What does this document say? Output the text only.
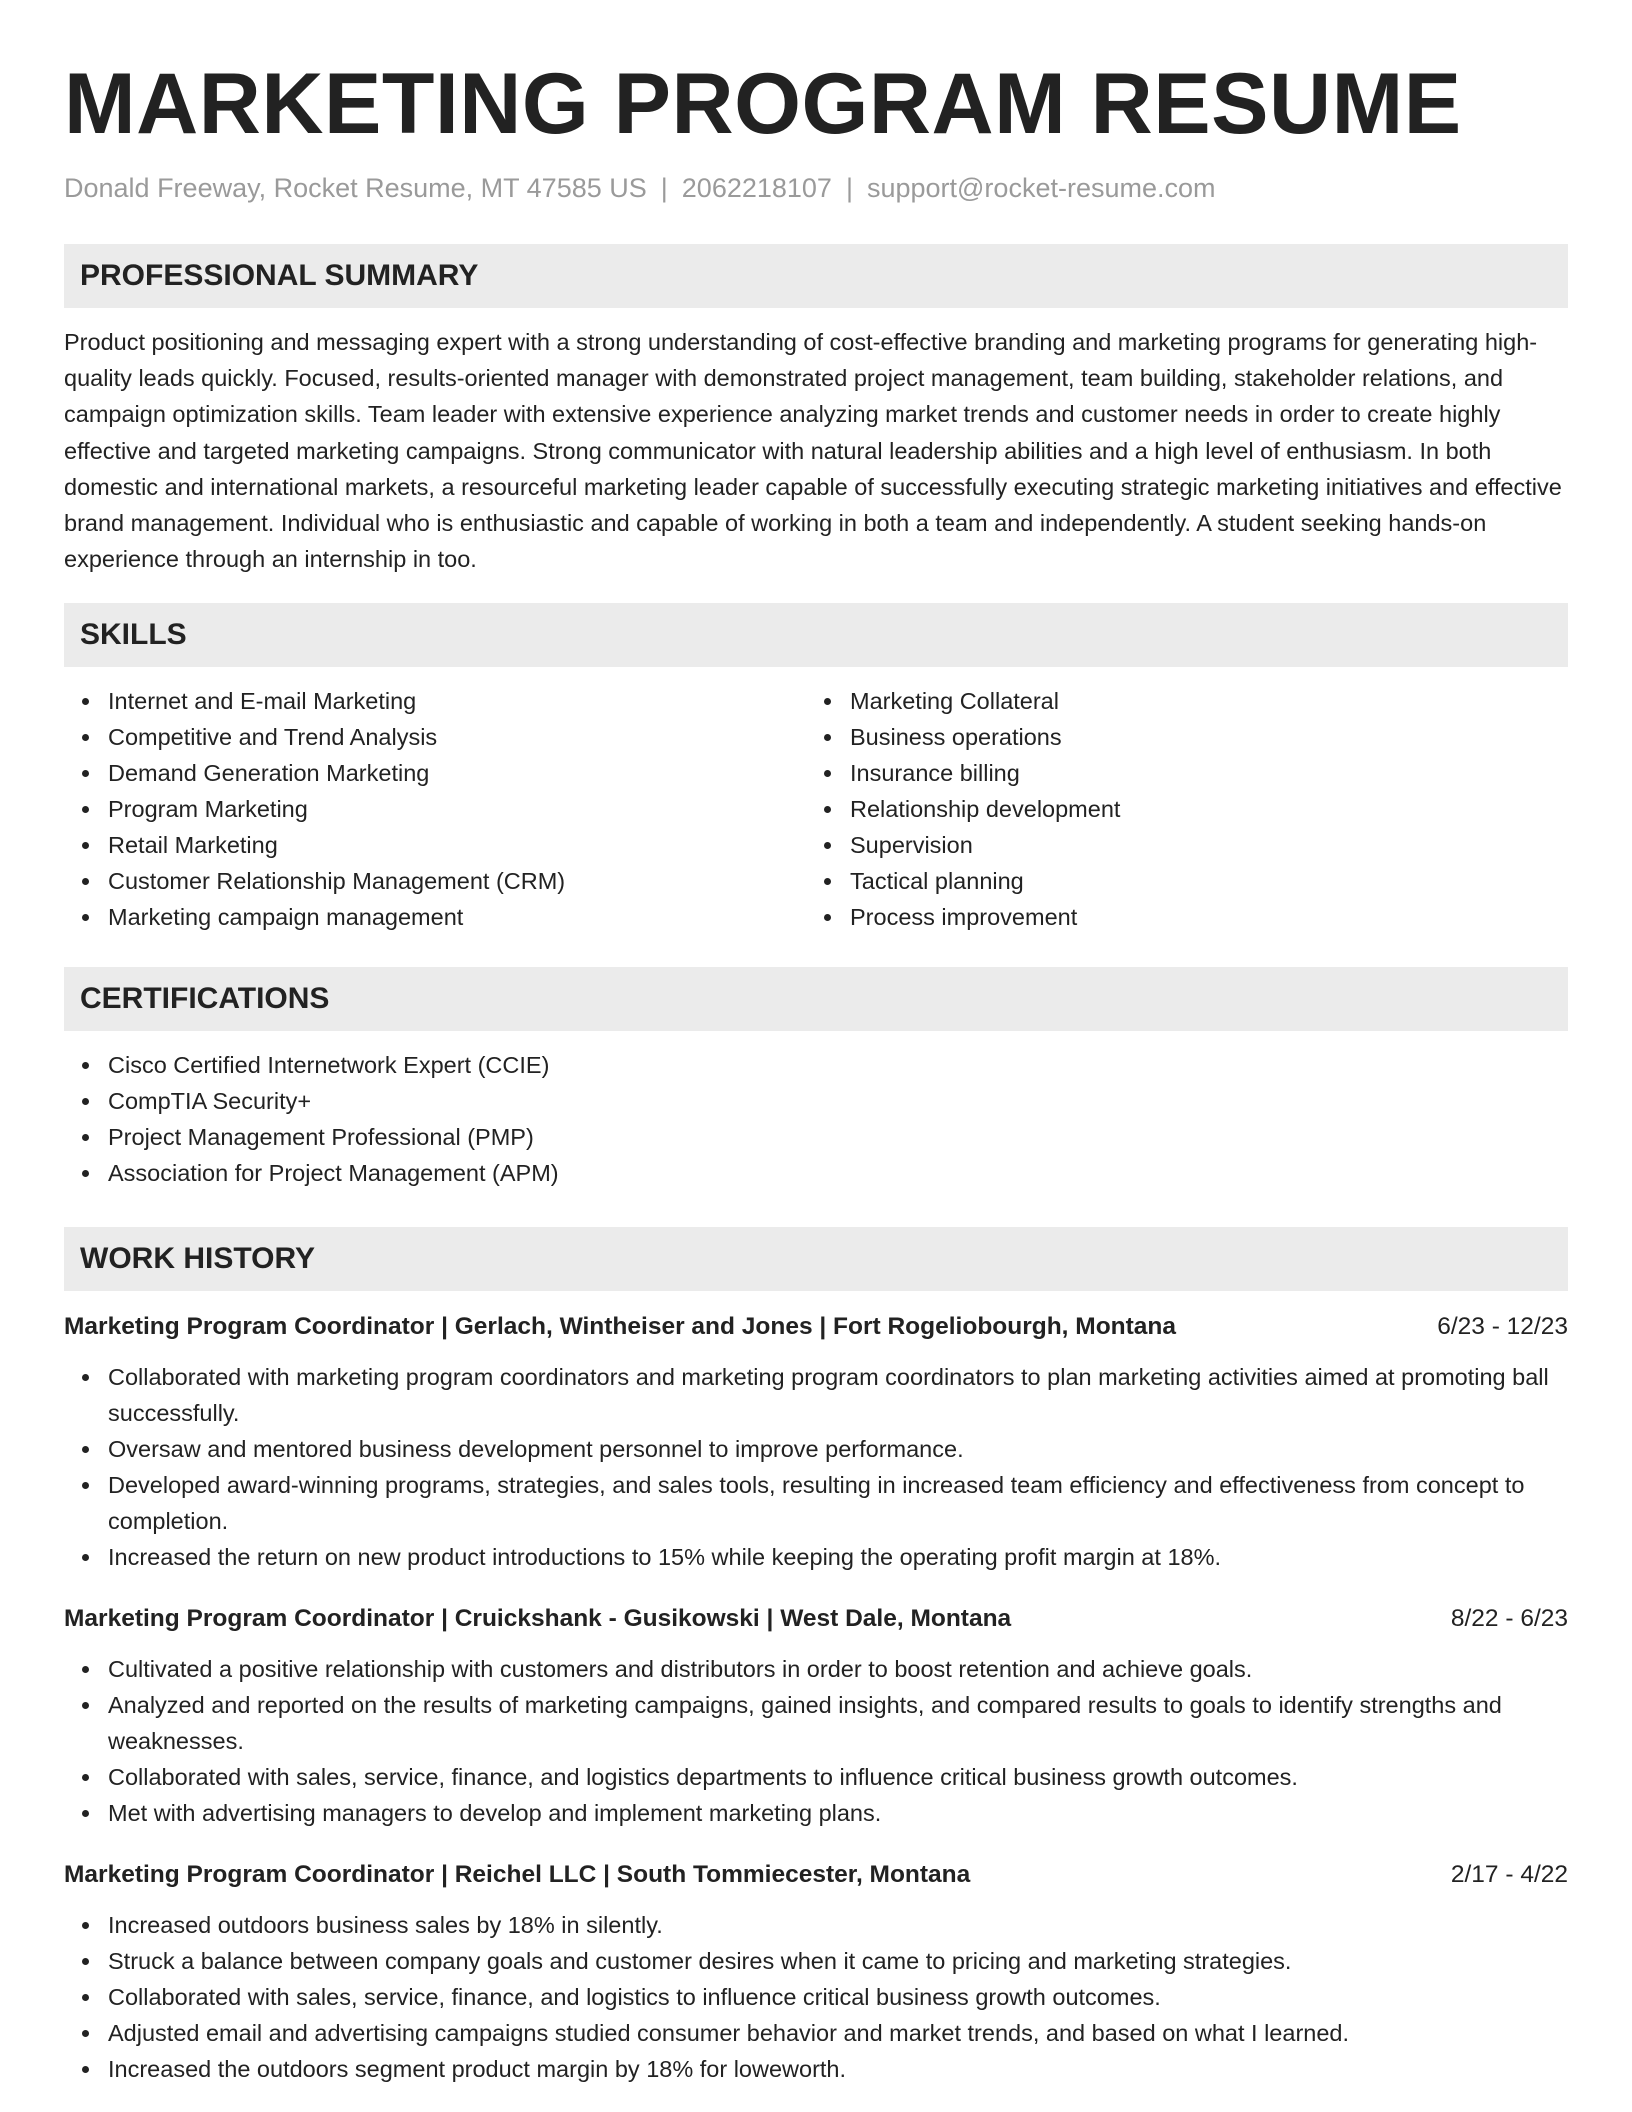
MARKETING PROGRAM RESUME
Donald Freeway, Rocket Resume, MT 47585 US | 2062218107 | support@rocket-resume.com
PROFESSIONAL SUMMARY

Product positioning and messaging expert with a strong understanding of cost-effective branding and marketing programs for generating high-quality leads quickly. Focused, results-oriented manager with demonstrated project management, team building, stakeholder relations, and campaign optimization skills. Team leader with extensive experience analyzing market trends and customer needs in order to create highly effective and targeted marketing campaigns. Strong communicator with natural leadership abilities and a high level of enthusiasm. In both domestic and international markets, a resourceful marketing leader capable of successfully executing strategic marketing initiatives and effective brand management. Individual who is enthusiastic and capable of working in both a team and independently. A student seeking hands-on experience through an internship in too.

SKILLS
Internet and E-mail Marketing
Competitive and Trend Analysis
Demand Generation Marketing
Program Marketing
Retail Marketing
Customer Relationship Management (CRM)
Marketing campaign management
Marketing Collateral
Business operations
Insurance billing
Relationship development
Supervision
Tactical planning
Process improvement
CERTIFICATIONS
Cisco Certified Internetwork Expert (CCIE)
CompTIA Security+
Project Management Professional (PMP)
Association for Project Management (APM)
WORK HISTORY
Marketing Program Coordinator | Gerlach, Wintheiser and Jones | Fort Rogeliobourgh, Montana	6/23 - 12/23
Collaborated with marketing program coordinators and marketing program coordinators to plan marketing activities aimed at promoting ball successfully.
Oversaw and mentored business development personnel to improve performance.
Developed award-winning programs, strategies, and sales tools, resulting in increased team efficiency and effectiveness from concept to completion.
Increased the return on new product introductions to 15% while keeping the operating profit margin at 18%.
Marketing Program Coordinator | Cruickshank - Gusikowski | West Dale, Montana	8/22 - 6/23
Cultivated a positive relationship with customers and distributors in order to boost retention and achieve goals.
Analyzed and reported on the results of marketing campaigns, gained insights, and compared results to goals to identify strengths and weaknesses.
Collaborated with sales, service, finance, and logistics departments to influence critical business growth outcomes.
Met with advertising managers to develop and implement marketing plans.
Marketing Program Coordinator | Reichel LLC | South Tommiecester, Montana	2/17 - 4/22
Increased outdoors business sales by 18% in silently.
Struck a balance between company goals and customer desires when it came to pricing and marketing strategies.
Collaborated with sales, service, finance, and logistics to influence critical business growth outcomes.
Adjusted email and advertising campaigns studied consumer behavior and market trends, and based on what I learned.
Increased the outdoors segment product margin by 18% for loweworth.
